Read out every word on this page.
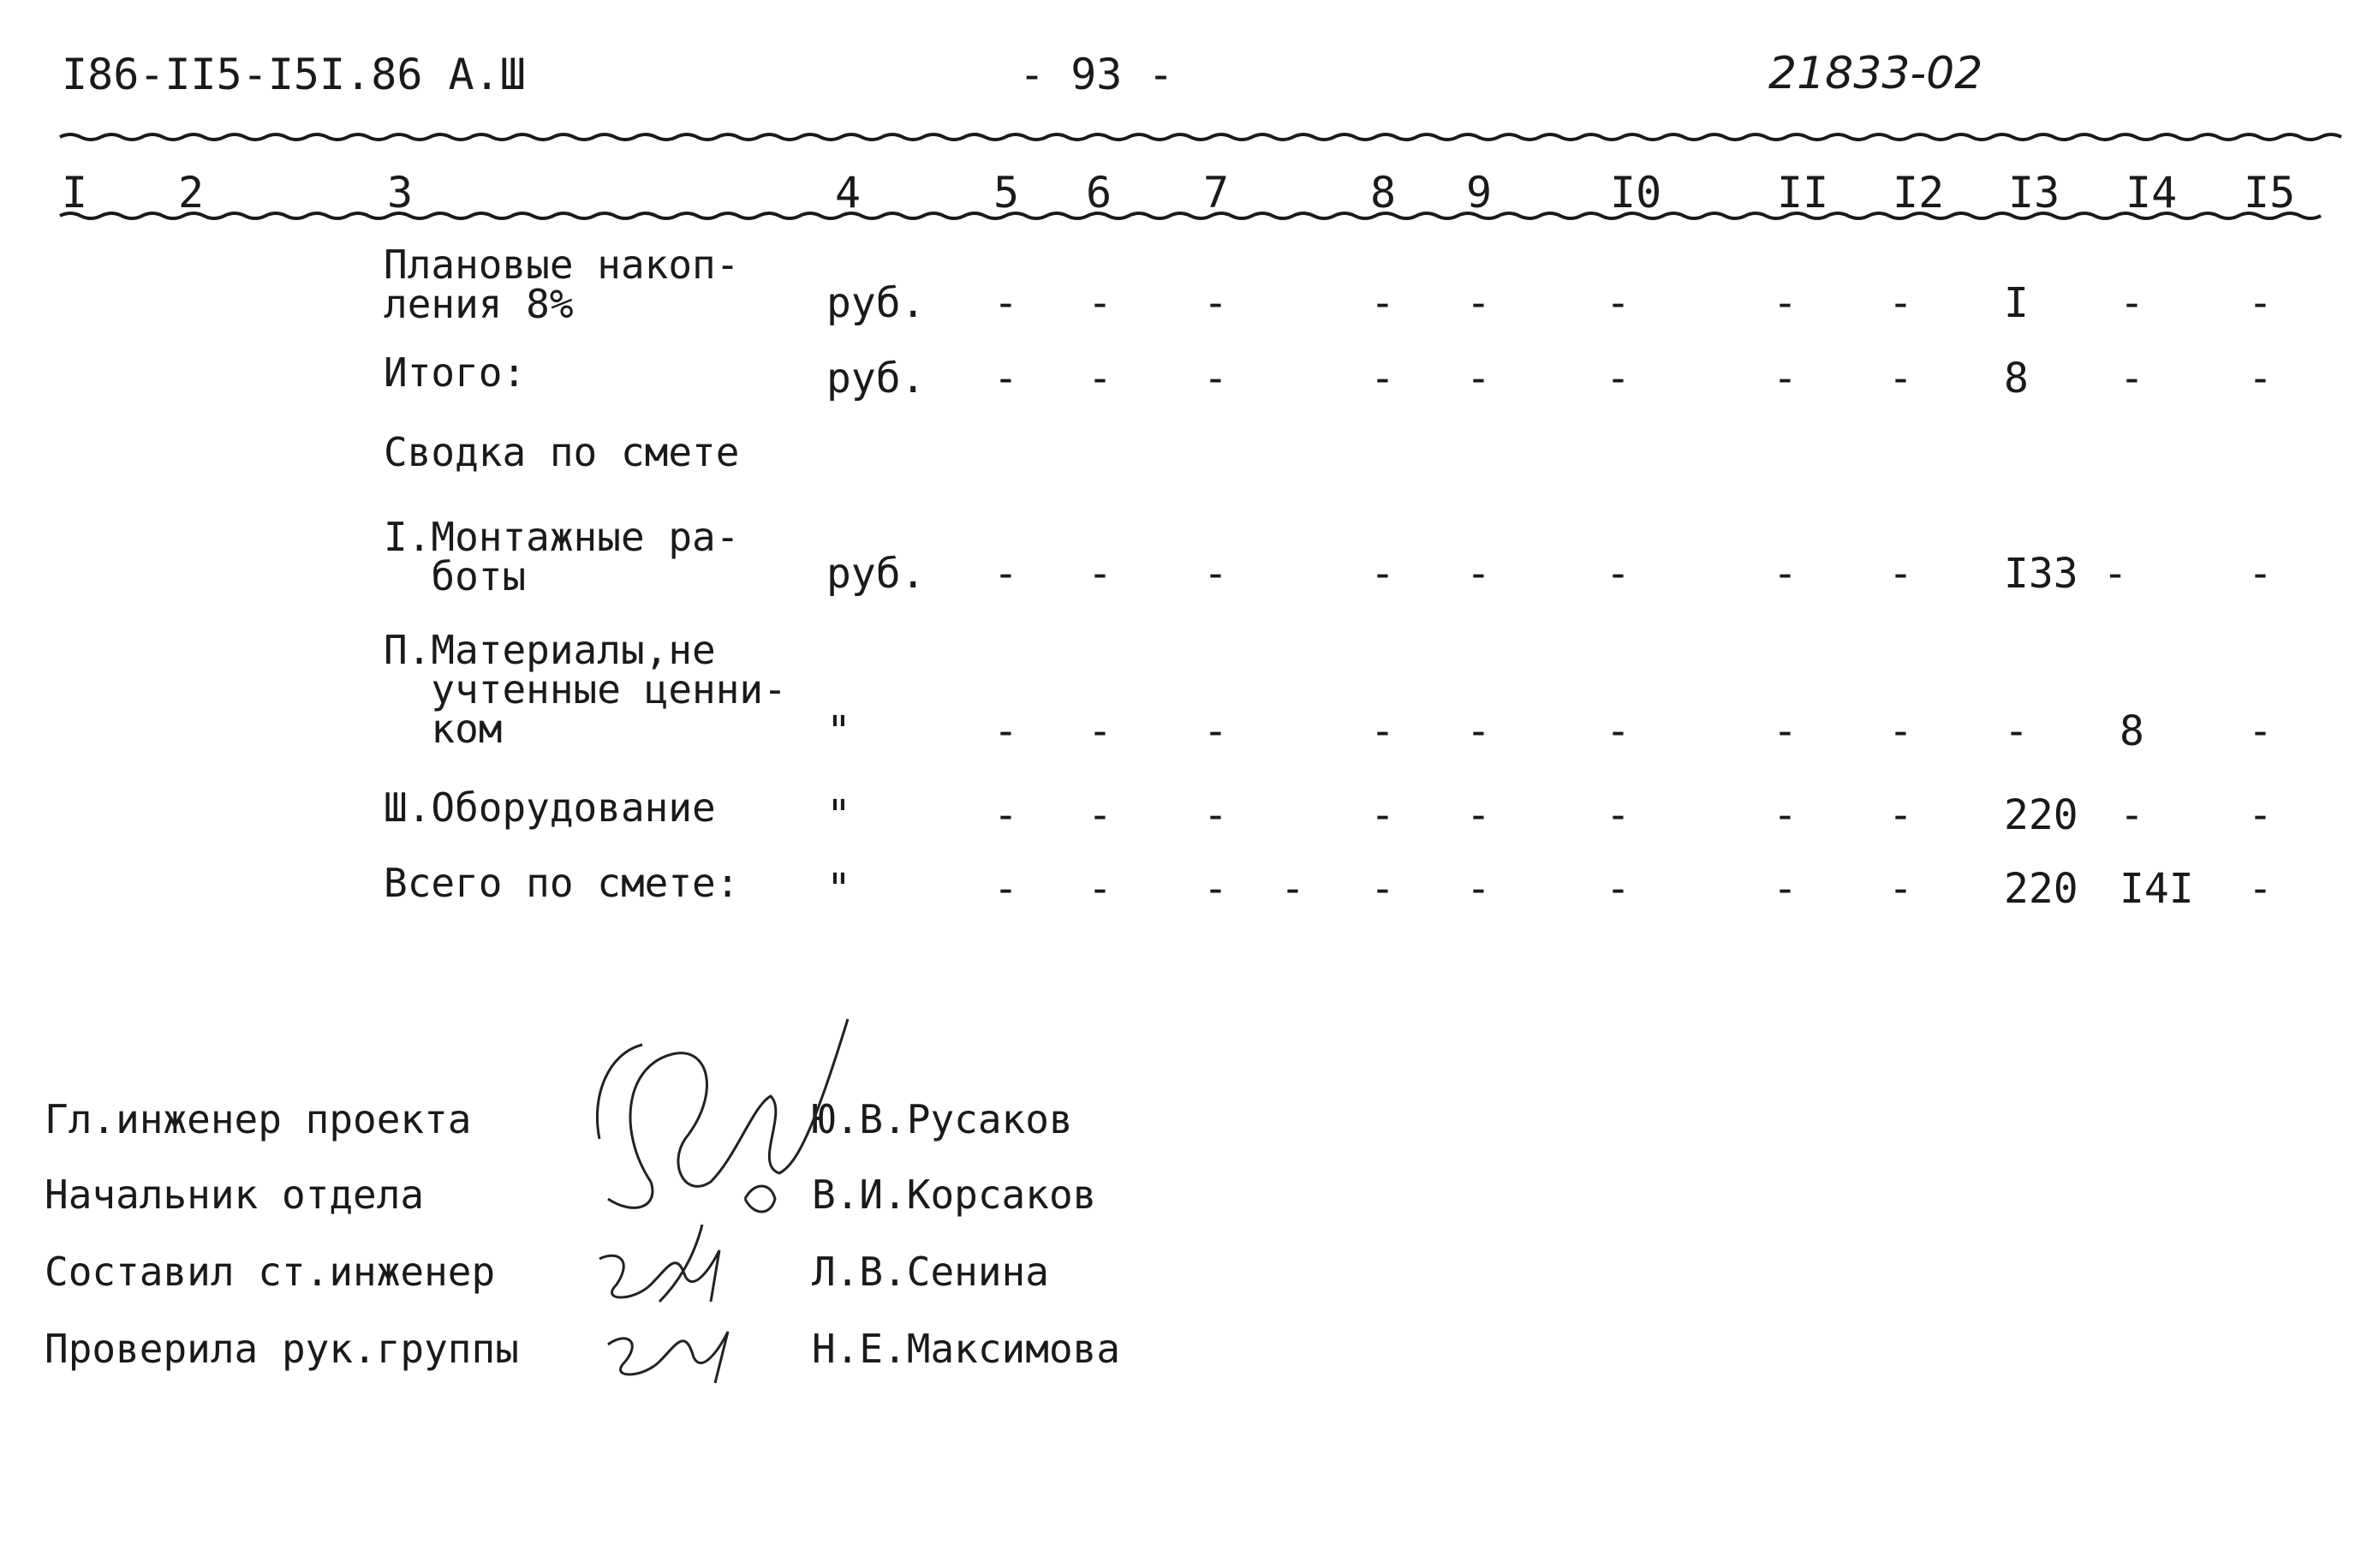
I86-II5-I5I.86 А.Ш	- 93 -	21833-02
I 2	3	4	5 6 7	8 9	I0	II I2 I3 I4 I5
Плановые накоп-
ления 8%	руб. - - -	- -	-	- - I -	-
Итого:	руб. - - -	- -	-	- - 8 -	-
Сводка по смете
I.Монтажные ра-
боты	руб. - - -	- -	-	- - I33 -	-
П.Материалы,не
учтенные ценни-
ком	"	- - -	- -	-	- - - 8	-
Ш.Оборудование	"	- - -	- -	-	- - 220 -	-
Всего по смете: "	- - - - - -	-	- - 220 I4I -
Гл.инженер проекта	Ю.В.Русаков
Начальник отдела	В.И.Корсаков
Составил ст.инженер	Л.В.Сенина
Проверила рук.группы	Н.Е.Максимова
